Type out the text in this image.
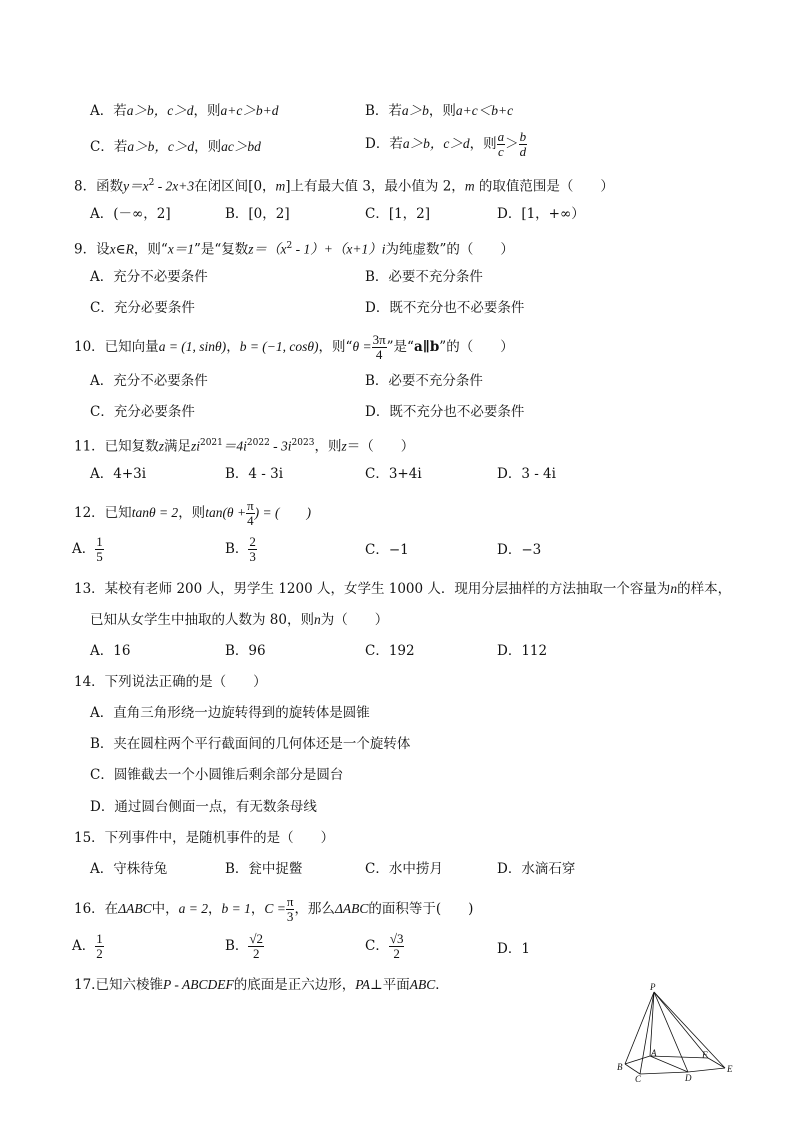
A．若a＞b，c＞d，则a+c＞b+d	B．若a＞b，则a+c＜b+c
C．若a＞b，c＞d，则ac＞bd	D．若a＞b，c＞d，则 $\frac{a}{c} > \frac{b}{d}$
8．函数$y=x^2 - 2x+3$在闭区间[0，m]上有最大值 3，最小值为 2，m 的取值范围是（　　）
A．(－∞，2]	B．[0，2]	C．[1，2]	D．[1，+∞）
9．设x∈R，则“x＝1”是“复数$z=(x^2 - 1)+(x+1)i$为纯虚数”的（　　）
A．充分不必要条件	B．必要不充分条件
C．充分必要条件	D．既不充分也不必要条件
10．已知向量a = (1, sinθ)，b = (−1, cosθ)，则“$\theta = \frac{3\pi}{4}$ ”是“a∥b”的（　　）
A．充分不必要条件	B．必要不充分条件
C．充分必要条件	D．既不充分也不必要条件
11．已知复数z满足$zi^{2021}=4i^{2022} - 3i^{2023}$，则z＝（　　）
A．4+3i	B．4 - 3i	C．3+4i	D．3 - 4i
12．已知tanθ = 2，则$\tan(\theta + \frac{\pi}{4}$ ) = (　　)
A． $\frac{1}{5}$	B． $\frac{2}{3}$	C．−1	D．−3
13．某校有老师 200 人，男学生 1200 人，女学生 1000 人．现用分层抽样的方法抽取一个容量为n的样本，
已知从女学生中抽取的人数为 80，则n为（　　）
A．16	B．96	C．192	D．112
14．下列说法正确的是（　　）
A．直角三角形绕一边旋转得到的旋转体是圆锥
B．夹在圆柱两个平行截面间的几何体还是一个旋转体
C．圆锥截去一个小圆锥后剩余部分是圆台
D．通过圆台侧面一点，有无数条母线
15．下列事件中，是随机事件的是（　　）
A．守株待兔	B．瓮中捉鳖	C．水中捞月	D．水滴石穿
16．在ΔABC中，a = 2，b = 1，$C = \frac{\pi}{3}$ ，那么ΔABC的面积等于(　　)
A． $\frac{1}{2}$	B． $\frac{√2}{2}$	C． $\frac{√3}{2}$	D．1
17.已知六棱锥P - ABCDEF的底面是正六边形，PA⊥平面ABC．	P
A
B
C	D
E
F
